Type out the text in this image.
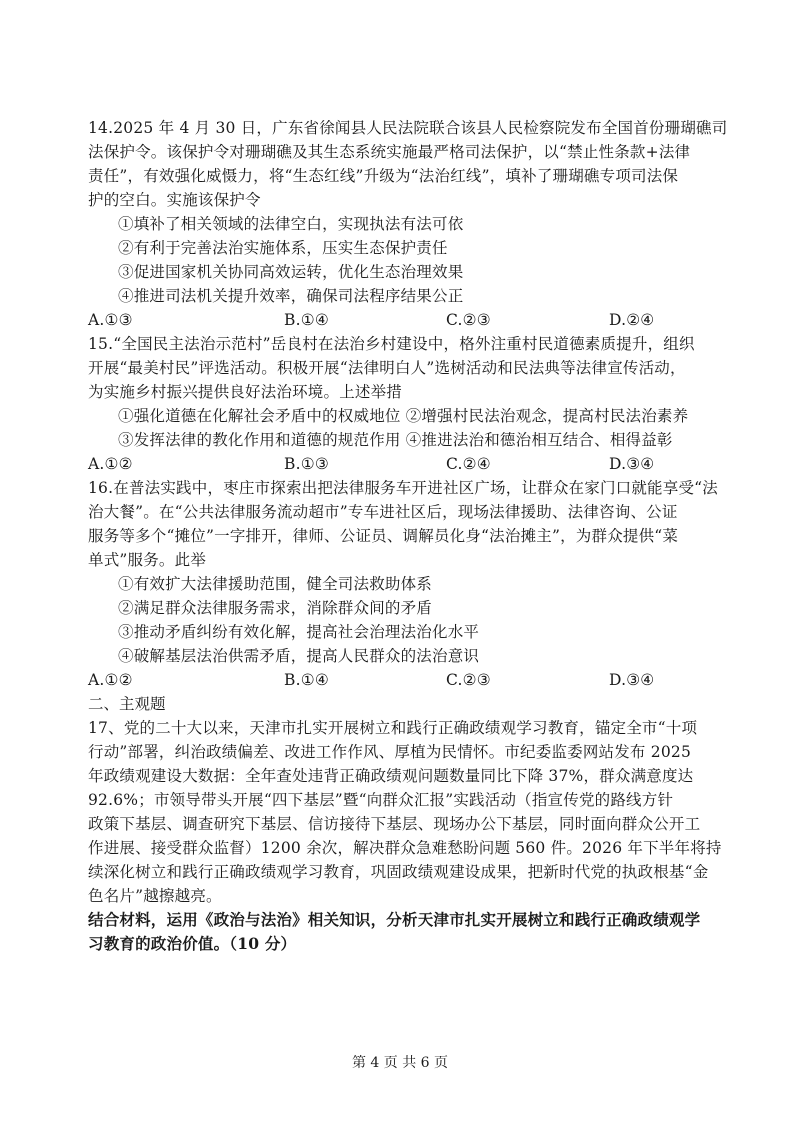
14.2025 年 4 月 30 日，广东省徐闻县人民法院联合该县人民检察院发布全国首份珊瑚礁司
法保护令。该保护令对珊瑚礁及其生态系统实施最严格司法保护，以“禁止性条款+法律
责任”，有效强化威慑力，将“生态红线”升级为“法治红线”，填补了珊瑚礁专项司法保
护的空白。实施该保护令
①填补了相关领域的法律空白，实现执法有法可依
②有利于完善法治实施体系，压实生态保护责任
③促进国家机关协同高效运转，优化生态治理效果
④推进司法机关提升效率，确保司法程序结果公正
A.①③	B.①④	C.②③	D.②④
15.“全国民主法治示范村”岳良村在法治乡村建设中，格外注重村民道德素质提升，组织
开展“最美村民”评选活动。积极开展“法律明白人”选树活动和民法典等法律宣传活动，
为实施乡村振兴提供良好法治环境。上述举措
①强化道德在化解社会矛盾中的权威地位 ②增强村民法治观念，提高村民法治素养
③发挥法律的教化作用和道德的规范作用 ④推进法治和德治相互结合、相得益彰
A.①②	B.①③	C.②④	D.③④
16.在普法实践中，枣庄市探索出把法律服务车开进社区广场，让群众在家门口就能享受“法
治大餐”。在“公共法律服务流动超市”专车进社区后，现场法律援助、法律咨询、公证
服务等多个“摊位”一字排开，律师、公证员、调解员化身“法治摊主”，为群众提供“菜
单式”服务。此举
①有效扩大法律援助范围，健全司法救助体系
②满足群众法律服务需求，消除群众间的矛盾
③推动矛盾纠纷有效化解，提高社会治理法治化水平
④破解基层法治供需矛盾，提高人民群众的法治意识
A.①②	B.①④	C.②③	D.③④
二、主观题
17、党的二十大以来，天津市扎实开展树立和践行正确政绩观学习教育，锚定全市“十项
行动”部署，纠治政绩偏差、改进工作作风、厚植为民情怀。市纪委监委网站发布 2025
年政绩观建设大数据：全年查处违背正确政绩观问题数量同比下降 37%，群众满意度达
92.6%；市领导带头开展“四下基层”暨“向群众汇报”实践活动（指宣传党的路线方针
政策下基层、调查研究下基层、信访接待下基层、现场办公下基层，同时面向群众公开工
作进展、接受群众监督）1200 余次，解决群众急难愁盼问题 560 件。2026 年下半年将持
续深化树立和践行正确政绩观学习教育，巩固政绩观建设成果，把新时代党的执政根基“金
色名片”越擦越亮。
结合材料，运用《政治与法治》相关知识，分析天津市扎实开展树立和践行正确政绩观学
习教育的政治价值。（10 分）
第 4 页 共 6 页
